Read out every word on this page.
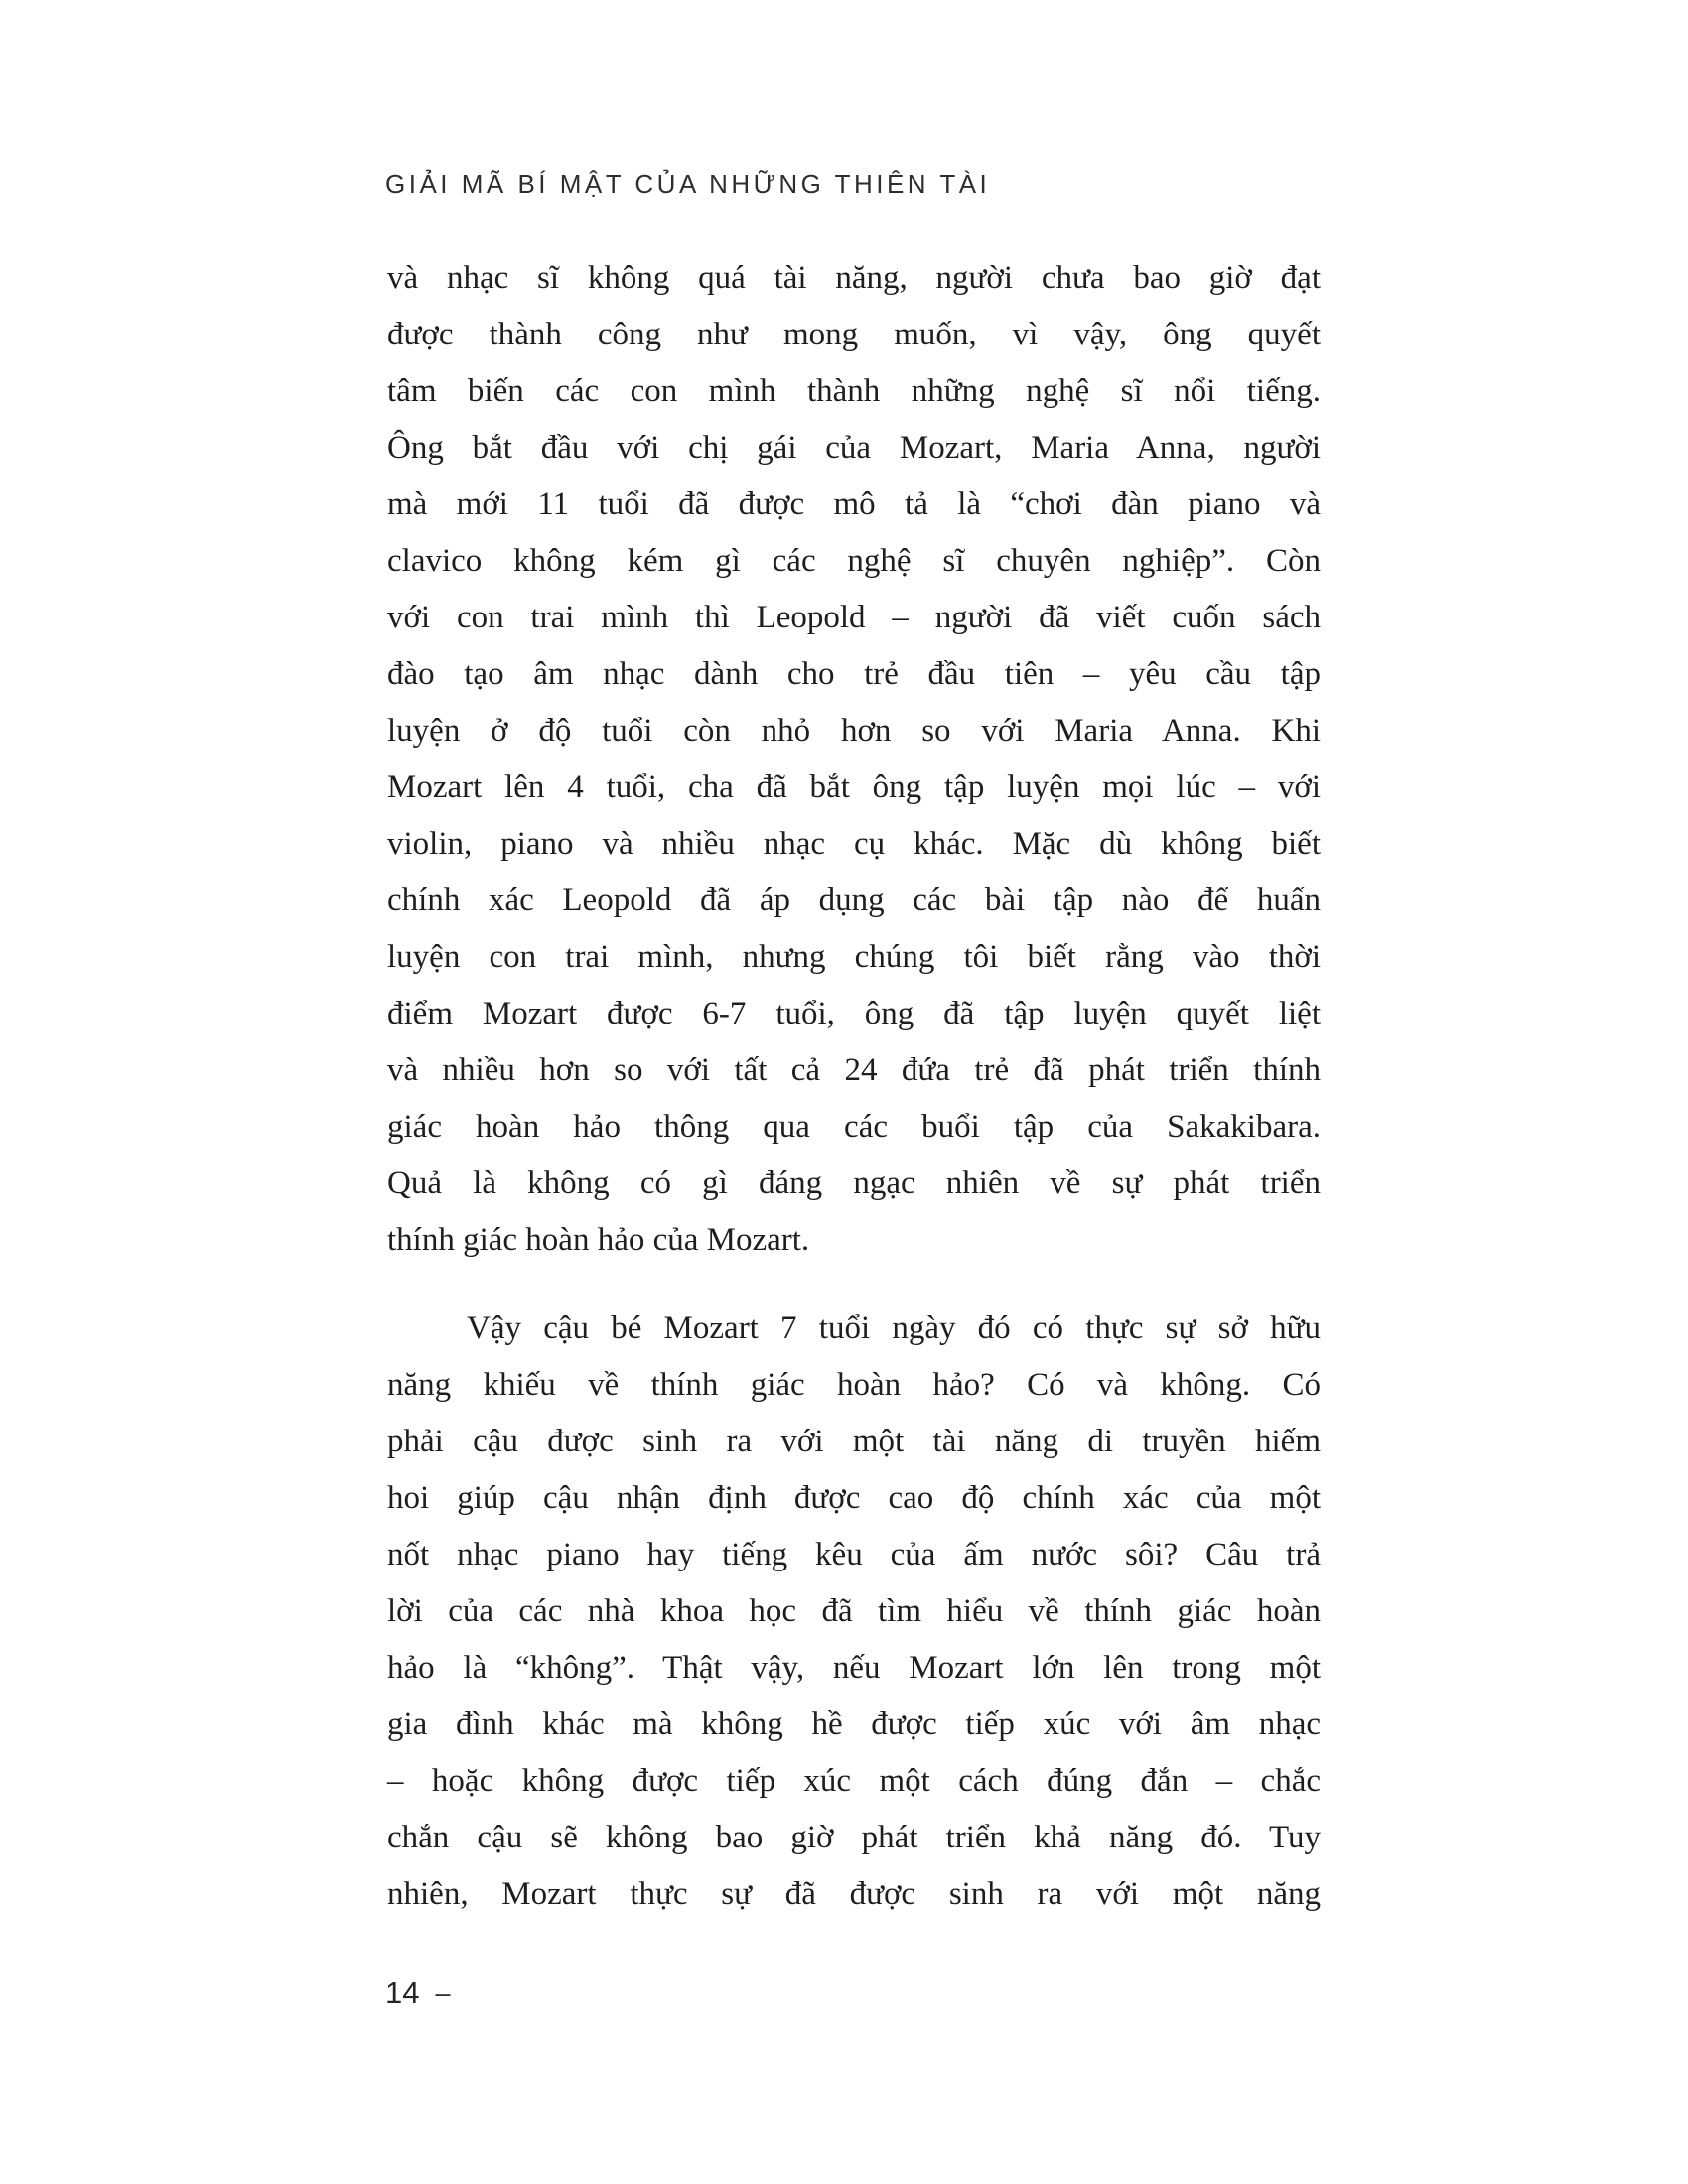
GIẢI MÃ BÍ MẬT CỦA NHỮNG THIÊN TÀI
và nhạc sĩ không quá tài năng, người chưa bao giờ đạt
được thành công như mong muốn, vì vậy, ông quyết
tâm biến các con mình thành những nghệ sĩ nổi tiếng.
Ông bắt đầu với chị gái của Mozart, Maria Anna, người
mà mới 11 tuổi đã được mô tả là “chơi đàn piano và
clavico không kém gì các nghệ sĩ chuyên nghiệp”. Còn
với con trai mình thì Leopold – người đã viết cuốn sách
đào tạo âm nhạc dành cho trẻ đầu tiên – yêu cầu tập
luyện ở độ tuổi còn nhỏ hơn so với Maria Anna. Khi
Mozart lên 4 tuổi, cha đã bắt ông tập luyện mọi lúc – với
violin, piano và nhiều nhạc cụ khác. Mặc dù không biết
chính xác Leopold đã áp dụng các bài tập nào để huấn
luyện con trai mình, nhưng chúng tôi biết rằng vào thời
điểm Mozart được 6-7 tuổi, ông đã tập luyện quyết liệt
và nhiều hơn so với tất cả 24 đứa trẻ đã phát triển thính
giác hoàn hảo thông qua các buổi tập của Sakakibara.
Quả là không có gì đáng ngạc nhiên về sự phát triển
thính giác hoàn hảo của Mozart.
Vậy cậu bé Mozart 7 tuổi ngày đó có thực sự sở hữu
năng khiếu về thính giác hoàn hảo? Có và không. Có
phải cậu được sinh ra với một tài năng di truyền hiếm
hoi giúp cậu nhận định được cao độ chính xác của một
nốt nhạc piano hay tiếng kêu của ấm nước sôi? Câu trả
lời của các nhà khoa học đã tìm hiểu về thính giác hoàn
hảo là “không”. Thật vậy, nếu Mozart lớn lên trong một
gia đình khác mà không hề được tiếp xúc với âm nhạc
– hoặc không được tiếp xúc một cách đúng đắn – chắc
chắn cậu sẽ không bao giờ phát triển khả năng đó. Tuy
nhiên, Mozart thực sự đã được sinh ra với một năng
14 –
